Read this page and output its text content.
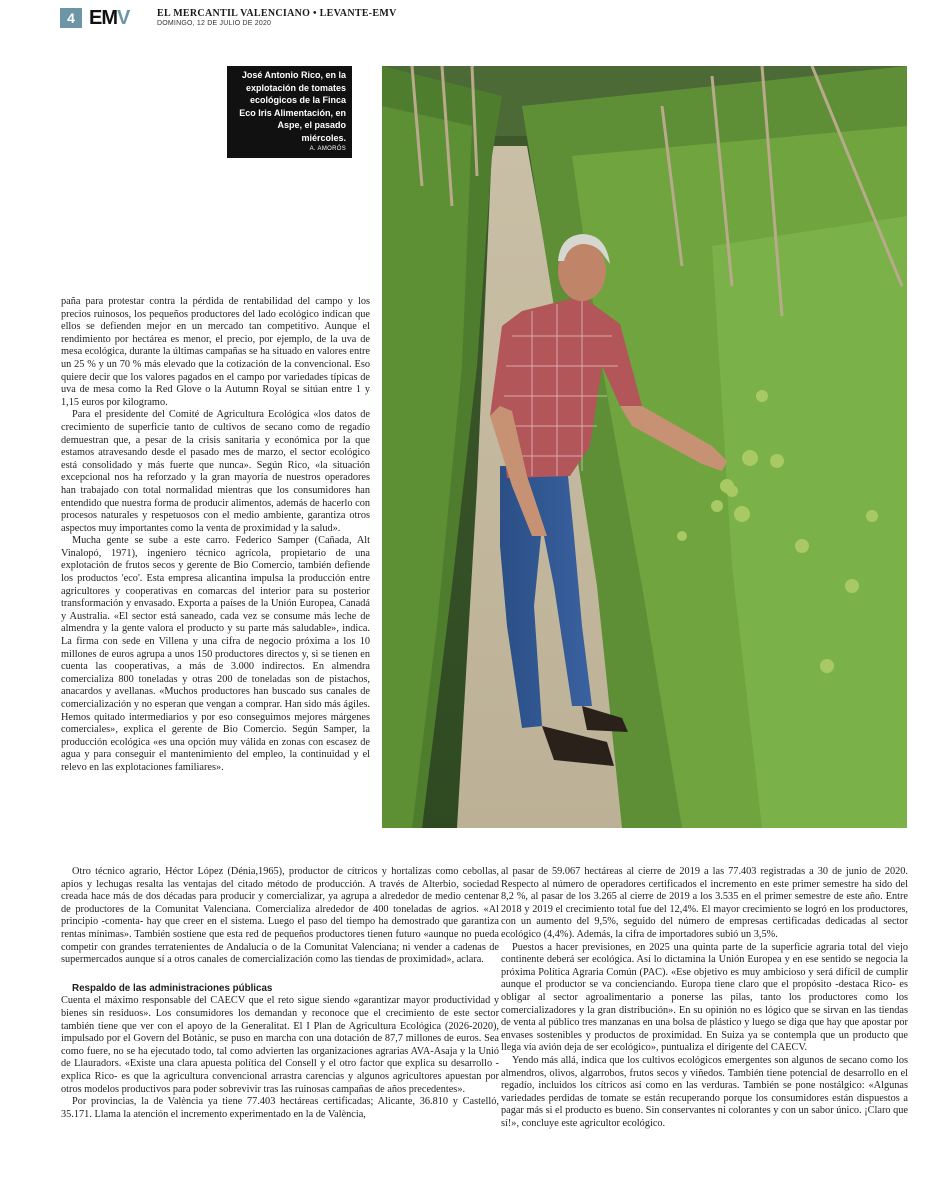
4 EMV	EL MERCANTIL VALENCIANO • LEVANTE-EMV
DOMINGO, 12 DE JULIO DE 2020
José Antonio Rico, en la explotación de tomates ecológicos de la Finca Eco Iris Alimentación, en Aspe, el pasado miércoles.
A. AMORÓS

paña para protestar contra la pérdida de rentabilidad del campo y los precios ruinosos, los pequeños productores del lado ecológico indican que ellos se defienden mejor en un mercado tan competitivo. Aunque el rendimiento por hectárea es menor, el precio, por ejemplo, de la uva de mesa ecológica, durante la últimas campañas se ha situado en valores entre un 25 % y un 70 % más elevado que la cotización de la convencional. Eso quiere decir que los valores pagados en el campo por variedades típicas de uva de mesa como la Red Glove o la Autumn Royal se sitúan entre 1 y 1,15 euros por kilogramo.

Para el presidente del Comité de Agricultura Ecológica «los datos de crecimiento de superficie tanto de cultivos de secano como de regadío demuestran que, a pesar de la crisis sanitaria y económica por la que estamos atravesando desde el pasado mes de marzo, el sector ecológico está consolidado y más fuerte que nunca». Según Rico, «la situación excepcional nos ha reforzado y la gran mayoría de nuestros operadores han trabajado con total normalidad mientras que los consumidores han entendido que nuestra forma de producir alimentos, además de hacerlo con procesos naturales y respetuosos con el medio ambiente, garantiza otros aspectos muy importantes como la venta de proximidad y la salud».

Mucha gente se sube a este carro. Federico Samper (Cañada, Alt Vinalopó, 1971), ingeniero técnico agrícola, propietario de una explotación de frutos secos y gerente de Bio Comercio, también defiende los productos 'eco'. Esta empresa alicantina impulsa la producción entre agricultores y cooperativas en comarcas del interior para su posterior transformación y envasado. Exporta a países de la Unión Europea, Canadá y Australia. «El sector está saneado, cada vez se consume más leche de almendra y la gente valora el producto y su parte más saludable», indica. La firma con sede en Villena y una cifra de negocio próxima a los 10 millones de euros agrupa a unos 150 productores directos y, si se tienen en cuenta las cooperativas, a más de 3.000 indirectos. En almendra comercializa 800 toneladas y otras 200 de toneladas son de pistachos, anacardos y avellanas. «Muchos productores han buscado sus canales de comercialización y no esperan que vengan a comprar. Han sido más ágiles. Hemos quitado intermediarios y por eso conseguimos mejores márgenes comerciales», explica el gerente de Bio Comercio. Según Samper, la producción ecológica «es una opción muy válida en zonas con escasez de agua y para conseguir el mantenimiento del empleo, la continuidad y el relevo en las explotaciones familiares».

Otro técnico agrario, Héctor López (Dénia,1965), productor de cítricos y hortalizas como cebollas, apios y lechugas resalta las ventajas del citado método de producción. A través de Alterbio, sociedad creada hace más de dos décadas para producir y comercializar, ya agrupa a alrededor de medio centenar de productores de la Comunitat Valenciana. Comercializa alrededor de 400 toneladas de agrios. «Al principio -comenta- hay que creer en el sistema. Luego el paso del tiempo ha demostrado que garantiza rentas mínimas». También sostiene que esta red de pequeños productores tienen futuro «aunque no pueda competir con grandes terratenientes de Andalucía o de la Comunitat Valenciana; ni vender a cadenas de supermercados aunque sí a otros canales de comercialización como las tiendas de proximidad», aclara.

Respaldo de las administraciones públicas

Cuenta el máximo responsable del CAECV que el reto sigue siendo «garantizar mayor productividad y bienes sin residuos». Los consumidores los demandan y reconoce que el crecimiento de este sector también tiene que ver con el apoyo de la Generalitat. El I Plan de Agricultura Ecológica (2026-2020), impulsado por el Govern del Botànic, se puso en marcha con una dotación de 87,7 millones de euros. Sea como fuere, no se ha ejecutado todo, tal como advierten las organizaciones agrarias AVA-Asaja y la Unió de Llauradors. «Existe una clara apuesta política del Consell y el otro factor que explica su desarrollo -explica Rico- es que la agricultura convencional arrastra carencias y algunos agricultores apuestan por otros modelos productivos para poder sobrevivir tras las ruinosas campañas de años precedentes».

Por provincias, la de València ya tiene 77.403 hectáreas certificadas; Alicante, 36.810 y Castelló, 35.171. Llama la atención el incremento experimentado en la de València,

al pasar de 59.067 hectáreas al cierre de 2019 a las 77.403 registradas a 30 de junio de 2020. Respecto al número de operadores certificados el incremento en este primer semestre ha sido del 8,2 %, al pasar de los 3.265 al cierre de 2019 a los 3.535 en el primer semestre de este año. Entre 2018 y 2019 el crecimiento total fue del 12,4%. El mayor crecimiento se logró en los productores, con un aumento del 9,5%, seguido del número de empresas certificadas dedicadas al sector ecológico (4,4%). Además, la cifra de importadores subió un 3,5%.

Puestos a hacer previsiones, en 2025 una quinta parte de la superficie agraria total del viejo continente deberá ser ecológica. Así lo dictamina la Unión Europea y en ese sentido se negocia la próxima Política Agraria Común (PAC). «Ese objetivo es muy ambicioso y será difícil de cumplir aunque el productor se va concienciando. Europa tiene claro que el propósito -destaca Rico- es obligar al sector agroalimentario a ponerse las pilas, tanto los productores como los comercializadores y la gran distribución». En su opinión no es lógico que se sirvan en las tiendas de venta al público tres manzanas en una bolsa de plástico y luego se diga que hay que apostar por envases sostenibles y productos de proximidad. En Suiza ya se contempla que un producto que llega vía avión deja de ser ecológico», puntualiza el dirigente del CAECV.

Yendo más allá, indica que los cultivos ecológicos emergentes son algunos de secano como los almendros, olivos, algarrobos, frutos secos y viñedos. También tiene potencial de desarrollo en el regadío, incluidos los cítricos así como en las verduras. También se pone nostálgico: «Algunas variedades perdidas de tomate se están recuperando porque los consumidores están dispuestos a pagar más si el producto es bueno. Sin conservantes ni colorantes y con un sabor único. ¡Claro que sí!», concluye este agricultor ecológico.
